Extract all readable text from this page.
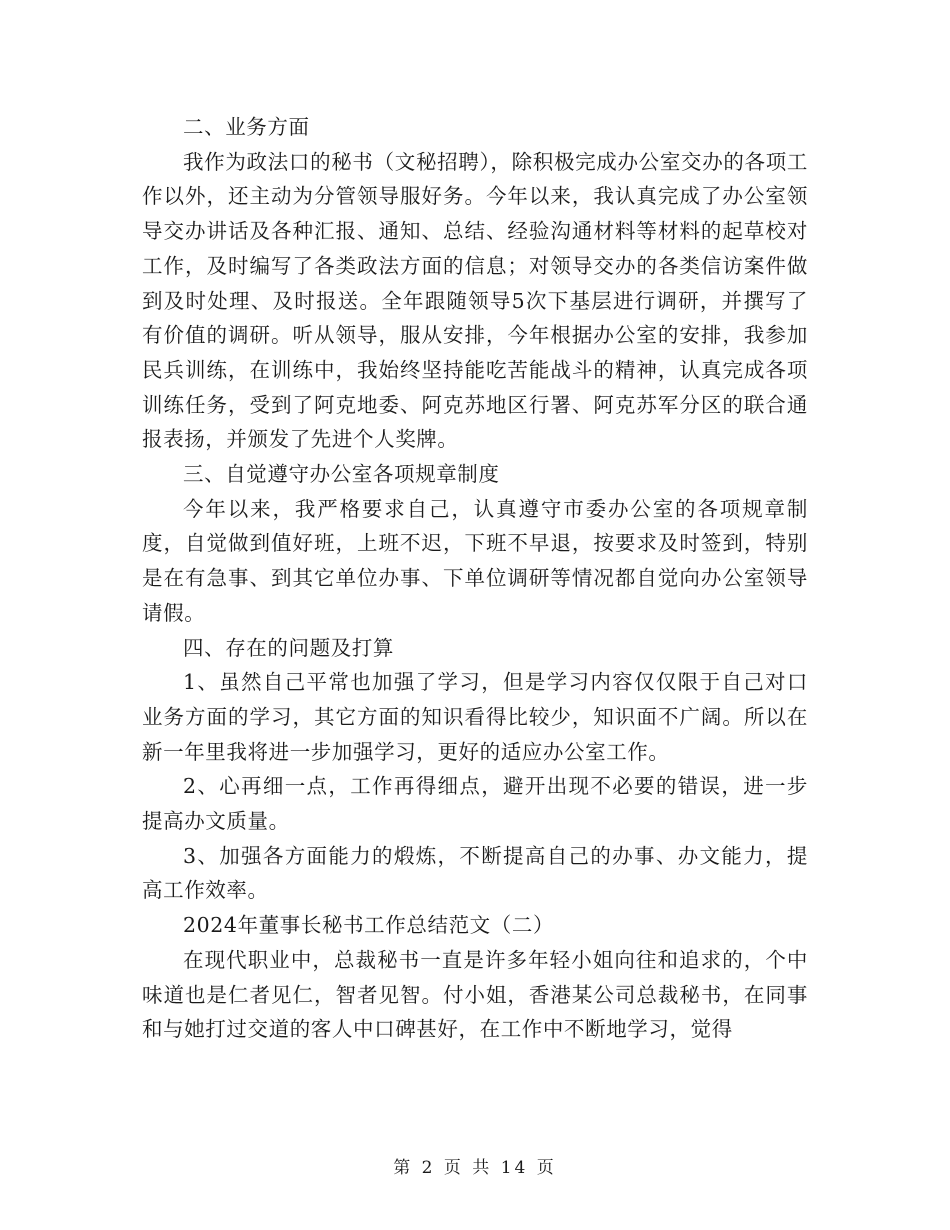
二、业务方面

我作为政法口的秘书（文秘招聘），除积极完成办公室交办的各项工作以外，还主动为分管领导服好务。今年以来，我认真完成了办公室领导交办讲话及各种汇报、通知、总结、经验沟通材料等材料的起草校对工作，及时编写了各类政法方面的信息；对领导交办的各类信访案件做到及时处理、及时报送。全年跟随领导5次下基层进行调研，并撰写了有价值的调研。听从领导，服从安排，今年根据办公室的安排，我参加民兵训练，在训练中，我始终坚持能吃苦能战斗的精神，认真完成各项训练任务，受到了阿克地委、阿克苏地区行署、阿克苏军分区的联合通报表扬，并颁发了先进个人奖牌。

三、自觉遵守办公室各项规章制度

今年以来，我严格要求自己，认真遵守市委办公室的各项规章制度，自觉做到值好班，上班不迟，下班不早退，按要求及时签到，特别是在有急事、到其它单位办事、下单位调研等情况都自觉向办公室领导请假。

四、存在的问题及打算

1、虽然自己平常也加强了学习，但是学习内容仅仅限于自己对口业务方面的学习，其它方面的知识看得比较少，知识面不广阔。所以在新一年里我将进一步加强学习，更好的适应办公室工作。

2、心再细一点，工作再得细点，避开出现不必要的错误，进一步提高办文质量。

3、加强各方面能力的煅炼，不断提高自己的办事、办文能力，提高工作效率。

2024年董事长秘书工作总结范文（二）

在现代职业中，总裁秘书一直是许多年轻小姐向往和追求的，个中味道也是仁者见仁，智者见智。付小姐，香港某公司总裁秘书，在同事和与她打过交道的客人中口碑甚好，在工作中不断地学习，觉得

第 2 页 共 14 页
